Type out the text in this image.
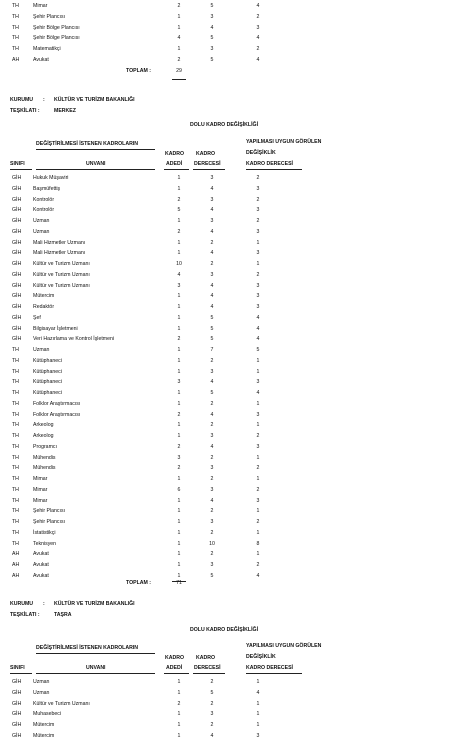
TH	Mimar	2	5	4
TH	Şehir Plancısı	1	3	2
TH	Şehir Bölge Plancısı	1	4	3
TH	Şehir Bölge Plancısı	4	5	4
TH	Matematikçi	1	3	2
AH	Avukat	2	5	4
TOPLAM :	29
KURUMU : KÜLTÜR VE TURİZM BAKANLIĞI
TEŞKİLATI :	MERKEZ
DOLU KADRO DEĞİŞİKLİĞİ
DEĞİŞTİRİLMESİ İSTENEN KADROLARIN	YAPILMASI UYGUN GÖRÜLEN
DEĞİŞİKLİK
KADRO KADRO
SINIFI	UNVANI	ADEDİ DERECESİ	KADRO DERECESİ
GİH Hukuk Müşaviri	1	3	2
GİH Başmüfettiş	1	4	3
GİH Kontrolör	2	3	2
GİH Kontrolör	5	4	3
GİH Uzman	1	3	2
GİH Uzman	2	4	3
GİH Mali Hizmetler Uzmanı	1	2	1
GİH Mali Hizmetler Uzmanı	1	4	3
GİH Kültür ve Turizm Uzmanı	10	2	1
GİH Kültür ve Turizm Uzmanı	4	3	2
GİH Kültür ve Turizm Uzmanı	3	4	3
GİH Mütercim	1	4	3
GİH Redaktör	1	4	3
GİH Şef	1	5	4
GİH Bilgisayar İşletmeni	1	5	4
GİH Veri Hazırlama ve Kontrol İşletmeni	2	5	4
TH	Uzman	1	7	5
TH	Kütüphaneci	1	2	1
TH	Kütüphaneci	1	3	1
TH	Kütüphaneci	3	4	3
TH	Kütüphaneci	1	5	4
TH	Folklor Araştırmacısı	1	2	1
TH	Folklor Araştırmacısı	2	4	3
TH	Arkeolog	1	2	1
TH	Arkeolog	1	3	2
TH	Programcı	2	4	3
TH	Mühendis	3	2	1
TH	Mühendis	2	3	2
TH	Mimar	1	2	1
TH	Mimar	6	3	2
TH	Mimar	1	4	3
TH	Şehir Plancısı	1	2	1
TH	Şehir Plancısı	1	3	2
TH	İstatistikçi	1	2	1
TH	Teknisyen	1	10	8
AH	Avukat	1	2	1
AH	Avukat	1	3	2
AH	Avukat	1	5	4
TOPLAM :	71
KURUMU : KÜLTÜR VE TURİZM BAKANLIĞI
TEŞKİLATI :	TAŞRA
DOLU KADRO DEĞİŞİKLİĞİ
DEĞİŞTİRİLMESİ İSTENEN KADROLARIN	YAPILMASI UYGUN GÖRÜLEN
DEĞİŞİKLİK
KADRO KADRO
SINIFI	UNVANI	ADEDİ DERECESİ	KADRO DERECESİ
GİH Uzman	1	2	1
GİH Uzman	1	5	4
GİH Kültür ve Turizm Uzmanı	2	2	1
GİH Muhasebeci	1	3	1
GİH Mütercim	1	2	1
GİH Mütercim	1	4	3
